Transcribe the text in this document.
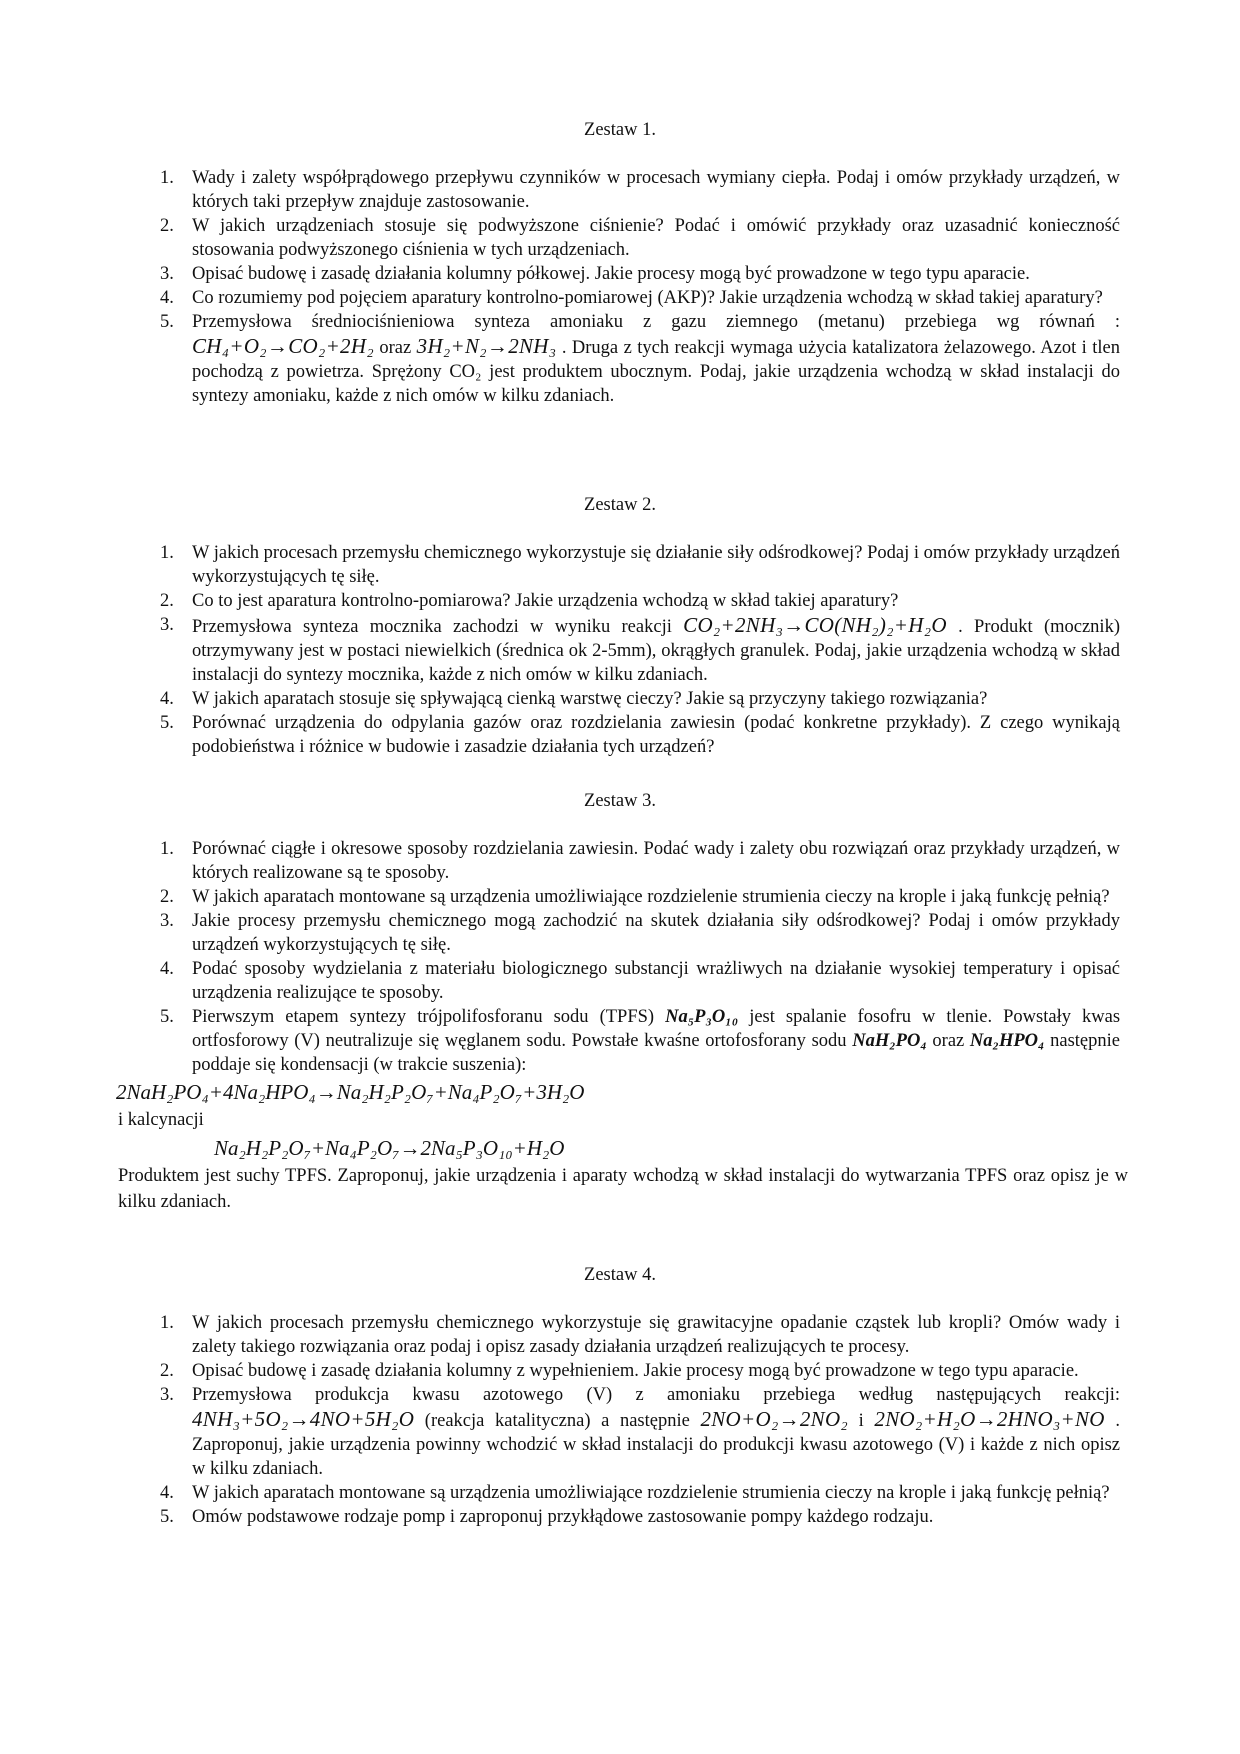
Zestaw 1.
1. Wady i zalety współprądowego przepływu czynników w procesach wymiany ciepła. Podaj i omów przykłady urządzeń, w których taki przepływ znajduje zastosowanie.
2. W jakich urządzeniach stosuje się podwyższone ciśnienie? Podać i omówić przykłady oraz uzasadnić konieczność stosowania podwyższonego ciśnienia w tych urządzeniach.
3. Opisać budowę i zasadę działania kolumny półkowej. Jakie procesy mogą być prowadzone w tego typu aparacie.
4. Co rozumiemy pod pojęciem aparatury kontrolno-pomiarowej (AKP)? Jakie urządzenia wchodzą w skład takiej aparatury?
5. Przemysłowa średniociśnieniowa synteza amoniaku z gazu ziemnego (metanu) przebiega wg równań : CH₄+O₂→CO₂+2H₂ oraz 3H₂+N₂→2NH₃ . Druga z tych reakcji wymaga użycia katalizatora żelazowego. Azot i tlen pochodzą z powietrza. Sprężony CO₂ jest produktem ubocznym. Podaj, jakie urządzenia wchodzą w skład instalacji do syntezy amoniaku, każde z nich omów w kilku zdaniach.
Zestaw 2.
1. W jakich procesach przemysłu chemicznego wykorzystuje się działanie siły odśrodkowej? Podaj i omów przykłady urządzeń wykorzystujących tę siłę.
2. Co to jest aparatura kontrolno-pomiarowa? Jakie urządzenia wchodzą w skład takiej aparatury?
3. Przemysłowa synteza mocznika zachodzi w wyniku reakcji CO₂+2NH₃→CO(NH₂)₂+H₂O . Produkt (mocznik) otrzymywany jest w postaci niewielkich (średnica ok 2-5mm), okrągłych granulek. Podaj, jakie urządzenia wchodzą w skład instalacji do syntezy mocznika, każde z nich omów w kilku zdaniach.
4. W jakich aparatach stosuje się spływającą cienką warstwę cieczy? Jakie są przyczyny takiego rozwiązania?
5. Porównać urządzenia do odpylania gazów oraz rozdzielania zawiesin (podać konkretne przykłady). Z czego wynikają podobieństwa i różnice w budowie i zasadzie działania tych urządzeń?
Zestaw 3.
1. Porównać ciągłe i okresowe sposoby rozdzielania zawiesin. Podać wady i zalety obu rozwiązań oraz przykłady urządzeń, w których realizowane są te sposoby.
2. W jakich aparatach montowane są urządzenia umożliwiające rozdzielenie strumienia cieczy na krople i jaką funkcję pełnią?
3. Jakie procesy przemysłu chemicznego mogą zachodzić na skutek działania siły odśrodkowej? Podaj i omów przykłady urządzeń wykorzystujących tę siłę.
4. Podać sposoby wydzielania z materiału biologicznego substancji wrażliwych na działanie wysokiej temperatury i opisać urządzenia realizujące te sposoby.
5. Pierwszym etapem syntezy trójpolifosforanu sodu (TPFS) Na₅P₃O₁₀ jest spalanie fosofru w tlenie. Powstały kwas ortfosforowy (V) neutralizuje się węglanem sodu. Powstałe kwaśne ortofosforany sodu NaH₂PO₄ oraz Na₂HPO₄ następnie poddaje się kondensacji (w trakcie suszenia):
2NaH₂PO₄+4Na₂HPO₄→Na₂H₂P₂O₇+Na₄P₂O₇+3H₂O
i kalcynacji
Na₂H₂P₂O₇+Na₄P₂O₇→2Na₅P₃O₁₀+H₂O
Produktem jest suchy TPFS. Zaproponuj, jakie urządzenia i aparaty wchodzą w skład instalacji do wytwarzania TPFS oraz opisz je w kilku zdaniach.
Zestaw 4.
1. W jakich procesach przemysłu chemicznego wykorzystuje się grawitacyjne opadanie cząstek lub kropli? Omów wady i zalety takiego rozwiązania oraz podaj i opisz zasady działania urządzeń realizujących te procesy.
2. Opisać budowę i zasadę działania kolumny z wypełnieniem. Jakie procesy mogą być prowadzone w tego typu aparacie.
3. Przemysłowa produkcja kwasu azotowego (V) z amoniaku przebiega według następujących reakcji: 4NH₃+5O₂→4NO+5H₂O (reakcja katalityczna) a następnie 2NO+O₂→2NO₂ i 2NO₂+H₂O→2HNO₃+NO . Zaproponuj, jakie urządzenia powinny wchodzić w skład instalacji do produkcji kwasu azotowego (V) i każde z nich opisz w kilku zdaniach.
4. W jakich aparatach montowane są urządzenia umożliwiające rozdzielenie strumienia cieczy na krople i jaką funkcję pełnią?
5. Omów podstawowe rodzaje pomp i zaproponuj przykłądowe zastosowanie pompy każdego rodzaju.
